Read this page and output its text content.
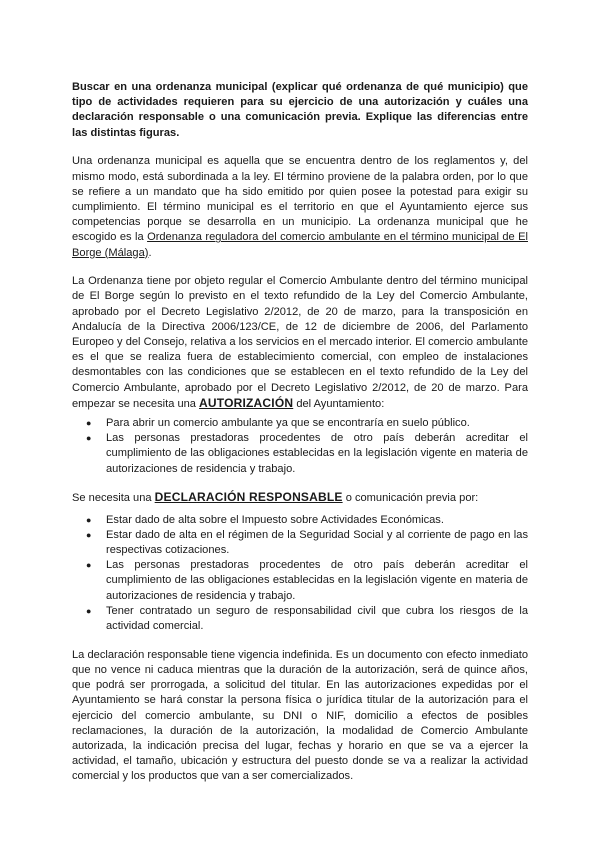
Buscar en una ordenanza municipal (explicar qué ordenanza de qué municipio) que tipo de actividades requieren para su ejercicio de una autorización y cuáles una declaración responsable o una comunicación previa. Explique las diferencias entre las distintas figuras.

Una ordenanza municipal es aquella que se encuentra dentro de los reglamentos y, del mismo modo, está subordinada a la ley. El término proviene de la palabra orden, por lo que se refiere a un mandato que ha sido emitido por quien posee la potestad para exigir su cumplimiento. El término municipal es el territorio en que el Ayuntamiento ejerce sus competencias porque se desarrolla en un municipio. La ordenanza municipal que he escogido es la Ordenanza reguladora del comercio ambulante en el término municipal de El Borge (Málaga).

La Ordenanza tiene por objeto regular el Comercio Ambulante dentro del término municipal de El Borge según lo previsto en el texto refundido de la Ley del Comercio Ambulante, aprobado por el Decreto Legislativo 2/2012, de 20 de marzo, para la transposición en Andalucía de la Directiva 2006/123/CE, de 12 de diciembre de 2006, del Parlamento Europeo y del Consejo, relativa a los servicios en el mercado interior. El comercio ambulante es el que se realiza fuera de establecimiento comercial, con empleo de instalaciones desmontables con las condiciones que se establecen en el texto refundido de la Ley del Comercio Ambulante, aprobado por el Decreto Legislativo 2/2012, de 20 de marzo. Para empezar se necesita una AUTORIZACIÓN del Ayuntamiento:

● Para abrir un comercio ambulante ya que se encontraría en suelo público.
● Las personas prestadoras procedentes de otro país deberán acreditar el cumplimiento de las obligaciones establecidas en la legislación vigente en materia de autorizaciones de residencia y trabajo.

Se necesita una DECLARACIÓN RESPONSABLE o comunicación previa por:

● Estar dado de alta sobre el Impuesto sobre Actividades Económicas.
● Estar dado de alta en el régimen de la Seguridad Social y al corriente de pago en las respectivas cotizaciones.
● Las personas prestadoras procedentes de otro país deberán acreditar el cumplimiento de las obligaciones establecidas en la legislación vigente en materia de autorizaciones de residencia y trabajo.
● Tener contratado un seguro de responsabilidad civil que cubra los riesgos de la actividad comercial.

La declaración responsable tiene vigencia indefinida. Es un documento con efecto inmediato que no vence ni caduca mientras que la duración de la autorización, será de quince años, que podrá ser prorrogada, a solicitud del titular. En las autorizaciones expedidas por el Ayuntamiento se hará constar la persona física o jurídica titular de la autorización para el ejercicio del comercio ambulante, su DNI o NIF, domicilio a efectos de posibles reclamaciones, la duración de la autorización, la modalidad de Comercio Ambulante autorizada, la indicación precisa del lugar, fechas y horario en que se va a ejercer la actividad, el tamaño, ubicación y estructura del puesto donde se va a realizar la actividad comercial y los productos que van a ser comercializados.
